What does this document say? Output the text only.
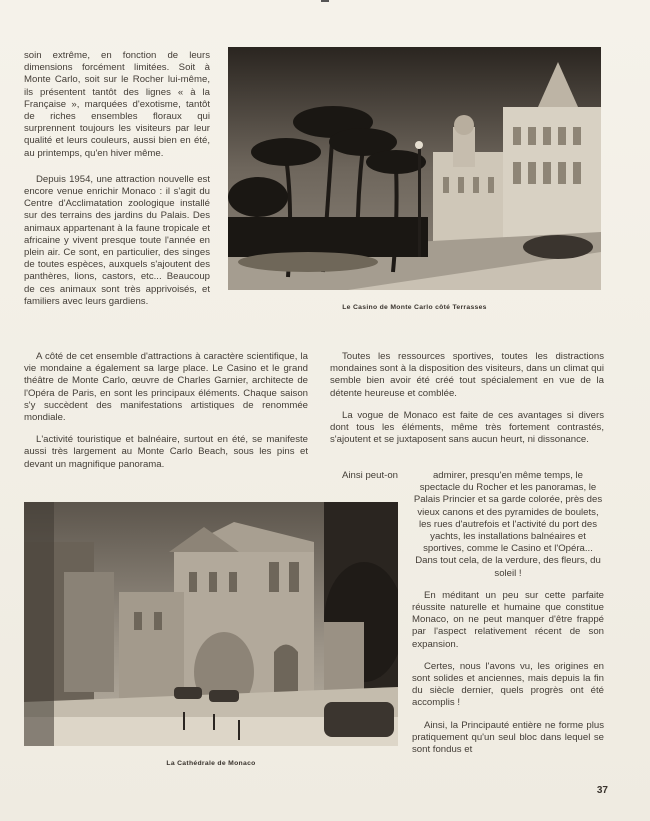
soin extrême, en fonction de leurs dimensions forcément limitées. Soit à Monte Carlo, soit sur le Rocher lui-même, ils présentent tantôt des lignes « à la Française », marquées d'exotisme, tantôt de riches ensembles floraux qui surprennent toujours les visiteurs par leur qualité et leurs couleurs, aussi bien en été, au printemps, qu'en hiver même.

Depuis 1954, une attraction nouvelle est encore venue enrichir Monaco : il s'agit du Centre d'Acclimatation zoologique installé sur des terrains des jardins du Palais. Des animaux appartenant à la faune tropicale et africaine y vivent presque toute l'année en plein air. Ce sont, en particulier, des singes de toutes espèces, auxquels s'ajoutent des panthères, lions, castors, etc... Beaucoup de ces animaux sont très apprivoisés, et familiers avec leurs gardiens.

Le Casino de Monte Carlo côté Terrasses

A côté de cet ensemble d'attractions à caractère scientifique, la vie mondaine a également sa large place. Le Casino et le grand théâtre de Monte Carlo, œuvre de Charles Garnier, architecte de l'Opéra de Paris, en sont les principaux éléments. Chaque saison s'y succèdent des manifestations artistiques de renommée mondiale.

L'activité touristique et balnéaire, surtout en été, se manifeste aussi très largement au Monte Carlo Beach, sous les pins et devant un magnifique panorama.

Toutes les ressources sportives, toutes les distractions mondaines sont à la disposition des visiteurs, dans un climat qui semble bien avoir été créé tout spécialement en vue de la détente heureuse et comblée.

La vogue de Monaco est faite de ces avantages si divers dont tous les éléments, même très fortement contrastés, s'ajoutent et se juxtaposent sans aucun heurt, ni dissonance.

Ainsi peut-on
La Cathédrale de Monaco

admirer, presqu'en même temps, le spectacle du Rocher et les panoramas, le Palais Princier et sa garde colorée, près des vieux canons et des pyramides de boulets, les rues d'autrefois et l'activité du port des yachts, les installations balnéaires et sportives, comme le Casino et l'Opéra... Dans tout cela, de la verdure, des fleurs, du soleil !

En méditant un peu sur cette parfaite réussite naturelle et humaine que constitue Monaco, on ne peut manquer d'être frappé par l'aspect relativement récent de son expansion.

Certes, nous l'avons vu, les origines en sont solides et anciennes, mais depuis la fin du siècle dernier, quels progrès ont été accomplis !

Ainsi, la Principauté entière ne forme plus pratiquement qu'un seul bloc dans lequel se sont fondus et

37
